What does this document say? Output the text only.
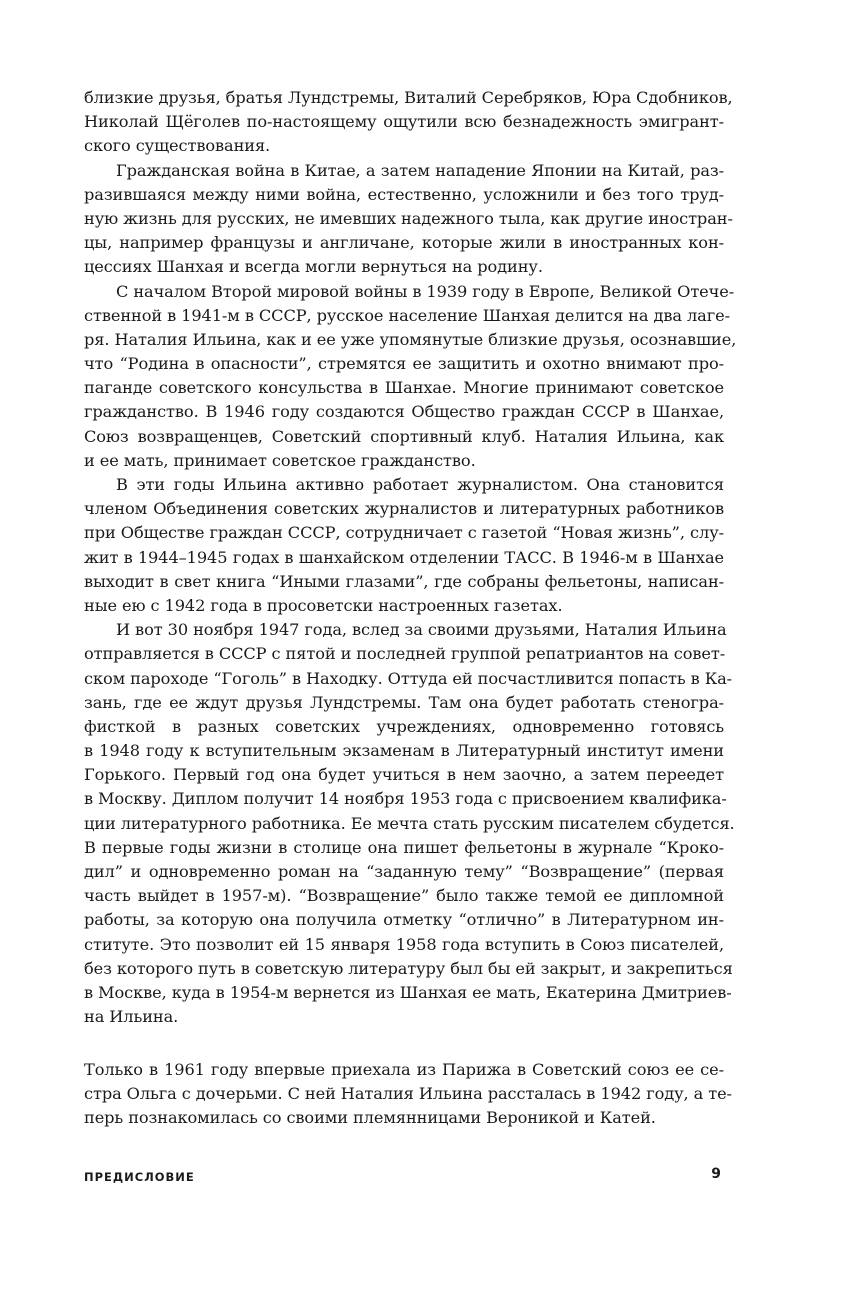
близкие друзья, братья Лундстремы, Виталий Серебряков, Юра Сдобников,
Николай Щёголев по-настоящему ощутили всю безнадежность эмигрант-
ского существования.
Гражданская война в Китае, а затем нападение Японии на Китай, раз-
разившаяся между ними война, естественно, усложнили и без того труд-
ную жизнь для русских, не имевших надежного тыла, как другие иностран-
цы, например французы и англичане, которые жили в иностранных кон-
цессиях Шанхая и всегда могли вернуться на родину.
С началом Второй мировой войны в 1939 году в Европе, Великой Отече-
ственной в 1941-м в СССР, русское население Шанхая делится на два лаге-
ря. Наталия Ильина, как и ее уже упомянутые близкие друзья, осознавшие,
что “Родина в опасности”, стремятся ее защитить и охотно внимают про-
паганде советского консульства в Шанхае. Многие принимают советское
гражданство. В 1946 году создаются Общество граждан СССР в Шанхае,
Союз возвращенцев, Советский спортивный клуб. Наталия Ильина, как
и ее мать, принимает советское гражданство.
В эти годы Ильина активно работает журналистом. Она становится
членом Объединения советских журналистов и литературных работников
при Обществе граждан СССР, сотрудничает с газетой “Новая жизнь”, слу-
жит в 1944–1945 годах в шанхайском отделении ТАСС. В 1946-м в Шанхае
выходит в свет книга “Иными глазами”, где собраны фельетоны, написан-
ные ею с 1942 года в просоветски настроенных газетах.
И вот 30 ноября 1947 года, вслед за своими друзьями, Наталия Ильина
отправляется в СССР с пятой и последней группой репатриантов на совет-
ском пароходе “Гоголь” в Находку. Оттуда ей посчастливится попасть в Ка-
зань, где ее ждут друзья Лундстремы. Там она будет работать стеногра-
фисткой в разных советских учреждениях, одновременно готовясь
в 1948 году к вступительным экзаменам в Литературный институт имени
Горького. Первый год она будет учиться в нем заочно, а затем переедет
в Москву. Диплом получит 14 ноября 1953 года с присвоением квалифика-
ции литературного работника. Ее мечта стать русским писателем сбудется.
В первые годы жизни в столице она пишет фельетоны в журнале “Кроко-
дил” и одновременно роман на “заданную тему” “Возвращение” (первая
часть выйдет в 1957-м). “Возвращение” было также темой ее дипломной
работы, за которую она получила отметку “отлично” в Литературном ин-
ституте. Это позволит ей 15 января 1958 года вступить в Союз писателей,
без которого путь в советскую литературу был бы ей закрыт, и закрепиться
в Москве, куда в 1954-м вернется из Шанхая ее мать, Екатерина Дмитриев-
на Ильина.
Только в 1961 году впервые приехала из Парижа в Советский союз ее се-
стра Ольга с дочерьми. С ней Наталия Ильина рассталась в 1942 году, а те-
перь познакомилась со своими племянницами Вероникой и Катей.
ПРЕДИСЛОВИЕ	9
